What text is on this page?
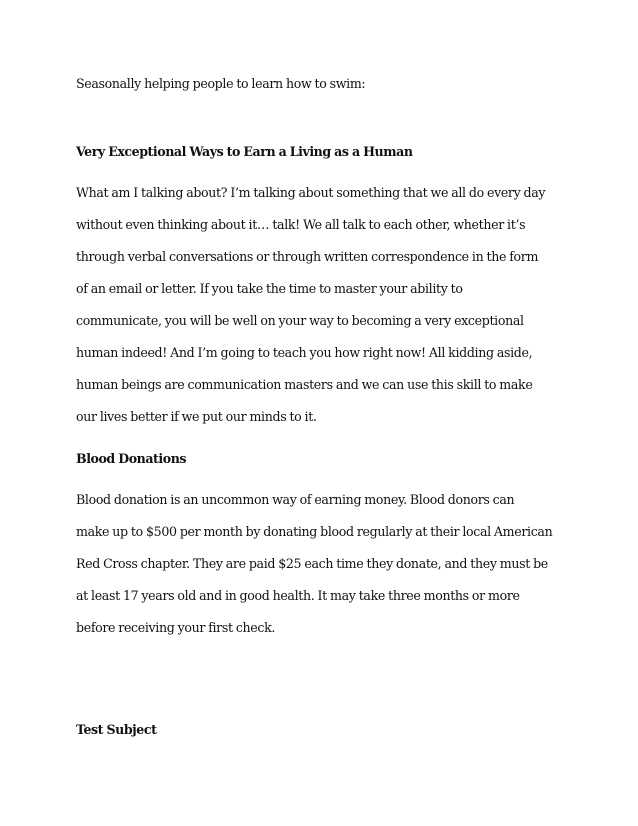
Seasonally helping people to learn how to swim:
Very Exceptional Ways to Earn a Living as a Human
What am I talking about? I’m talking about something that we all do every day
without even thinking about it… talk! We all talk to each other, whether it’s
through verbal conversations or through written correspondence in the form
of an email or letter. If you take the time to master your ability to
communicate, you will be well on your way to becoming a very exceptional
human indeed! And I’m going to teach you how right now! All kidding aside,
human beings are communication masters and we can use this skill to make
our lives better if we put our minds to it.
Blood Donations
Blood donation is an uncommon way of earning money. Blood donors can
make up to $500 per month by donating blood regularly at their local American
Red Cross chapter. They are paid $25 each time they donate, and they must be
at least 17 years old and in good health. It may take three months or more
before receiving your first check.
Test Subject
